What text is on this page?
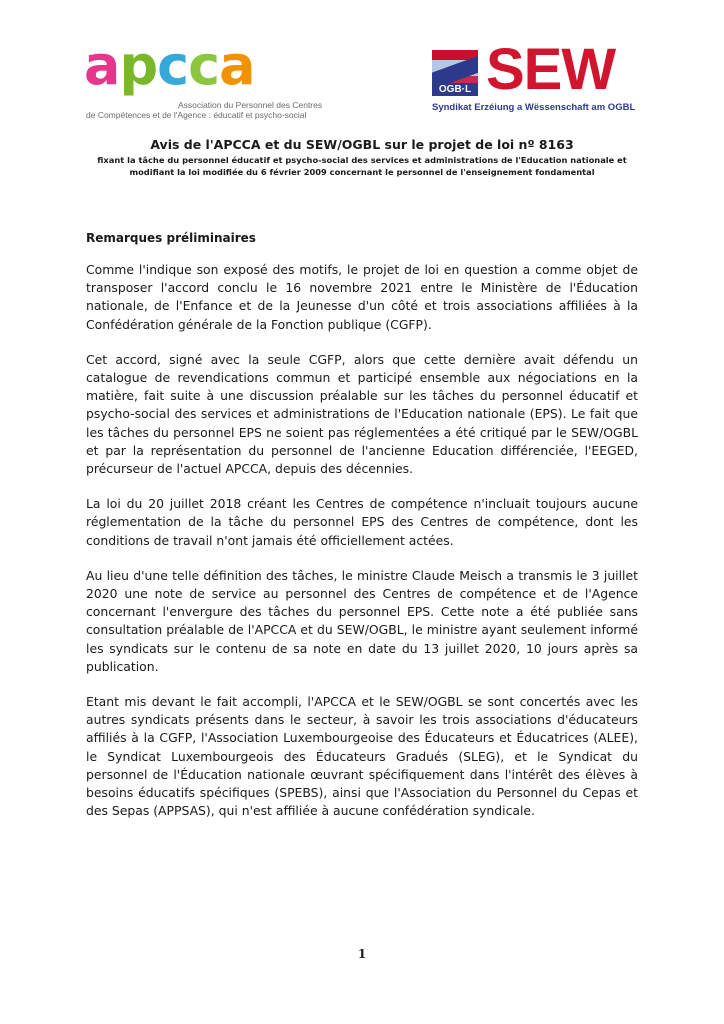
a p c c a
Association du Personnel des Centres
de Compétences et de l'Agence : éducatif et psycho-social
OGB·L SEW
Syndikat Erzéiung a Wëssenschaft am OGBL
Avis de l'APCCA et du SEW/OGBL sur le projet de loi nº 8163
fixant la tâche du personnel éducatif et psycho-social des services et administrations de l'Education nationale et modifiant la loi modifiée du 6 février 2009 concernant le personnel de l'enseignement fondamental
Remarques préliminaires

Comme l'indique son exposé des motifs, le projet de loi en question a comme objet de transposer l'accord conclu le 16 novembre 2021 entre le Ministère de l'Éducation nationale, de l'Enfance et de la Jeunesse d'un côté et trois associations affiliées à la Confédération générale de la Fonction publique (CGFP).

Cet accord, signé avec la seule CGFP, alors que cette dernière avait défendu un catalogue de revendications commun et participé ensemble aux négociations en la matière, fait suite à une discussion préalable sur les tâches du personnel éducatif et psycho-social des services et administrations de l'Education nationale (EPS). Le fait que les tâches du personnel EPS ne soient pas réglementées a été critiqué par le SEW/OGBL et par la représentation du personnel de l'ancienne Education différenciée, l'EEGED, précurseur de l'actuel APCCA, depuis des décennies.

La loi du 20 juillet 2018 créant les Centres de compétence n'incluait toujours aucune réglementation de la tâche du personnel EPS des Centres de compétence, dont les conditions de travail n'ont jamais été officiellement actées.

Au lieu d'une telle définition des tâches, le ministre Claude Meisch a transmis le 3 juillet 2020 une note de service au personnel des Centres de compétence et de l'Agence concernant l'envergure des tâches du personnel EPS. Cette note a été publiée sans consultation préalable de l'APCCA et du SEW/OGBL, le ministre ayant seulement informé les syndicats sur le contenu de sa note en date du 13 juillet 2020, 10 jours après sa publication.

Etant mis devant le fait accompli, l'APCCA et le SEW/OGBL se sont concertés avec les autres syndicats présents dans le secteur, à savoir les trois associations d'éducateurs affiliés à la CGFP, l'Association Luxembourgeoise des Éducateurs et Éducatrices (ALEE), le Syndicat Luxembourgeois des Éducateurs Gradués (SLEG), et le Syndicat du personnel de l'Éducation nationale œuvrant spécifiquement dans l'intérêt des élèves à besoins éducatifs spécifiques (SPEBS), ainsi que l'Association du Personnel du Cepas et des Sepas (APPSAS), qui n'est affiliée à aucune confédération syndicale.

1
